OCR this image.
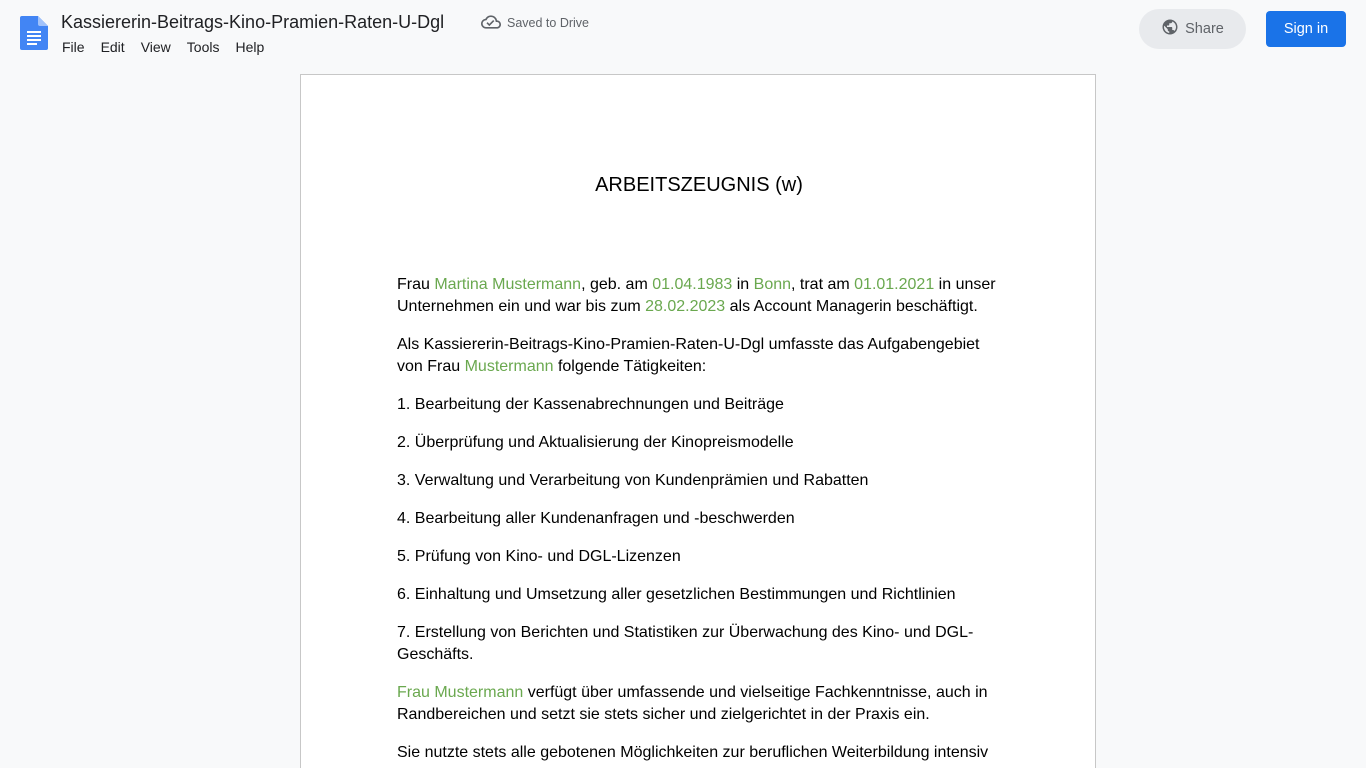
Kassiererin-Beitrags-Kino-Pramien-Raten-U-Dgl	Saved to Drive
File	Edit	View	Tools	Help
Share	Sign in
ARBEITSZEUGNIS (w)

Frau Martina Mustermann, geb. am 01.04.1983 in Bonn, trat am 01.01.2021 in unser Unternehmen ein und war bis zum 28.02.2023 als Account Managerin beschäftigt.

Als Kassiererin-Beitrags-Kino-Pramien-Raten-U-Dgl umfasste das Aufgabengebiet von Frau Mustermann folgende Tätigkeiten:

1. Bearbeitung der Kassenabrechnungen und Beiträge

2. Überprüfung und Aktualisierung der Kinopreismodelle

3. Verwaltung und Verarbeitung von Kundenprämien und Rabatten

4. Bearbeitung aller Kundenanfragen und -beschwerden

5. Prüfung von Kino- und DGL-Lizenzen

6. Einhaltung und Umsetzung aller gesetzlichen Bestimmungen und Richtlinien

7. Erstellung von Berichten und Statistiken zur Überwachung des Kino- und DGL-Geschäfts.

Frau Mustermann verfügt über umfassende und vielseitige Fachkenntnisse, auch in Randbereichen und setzt sie stets sicher und zielgerichtet in der Praxis ein.

Sie nutzte stets alle gebotenen Möglichkeiten zur beruflichen Weiterbildung intensiv
